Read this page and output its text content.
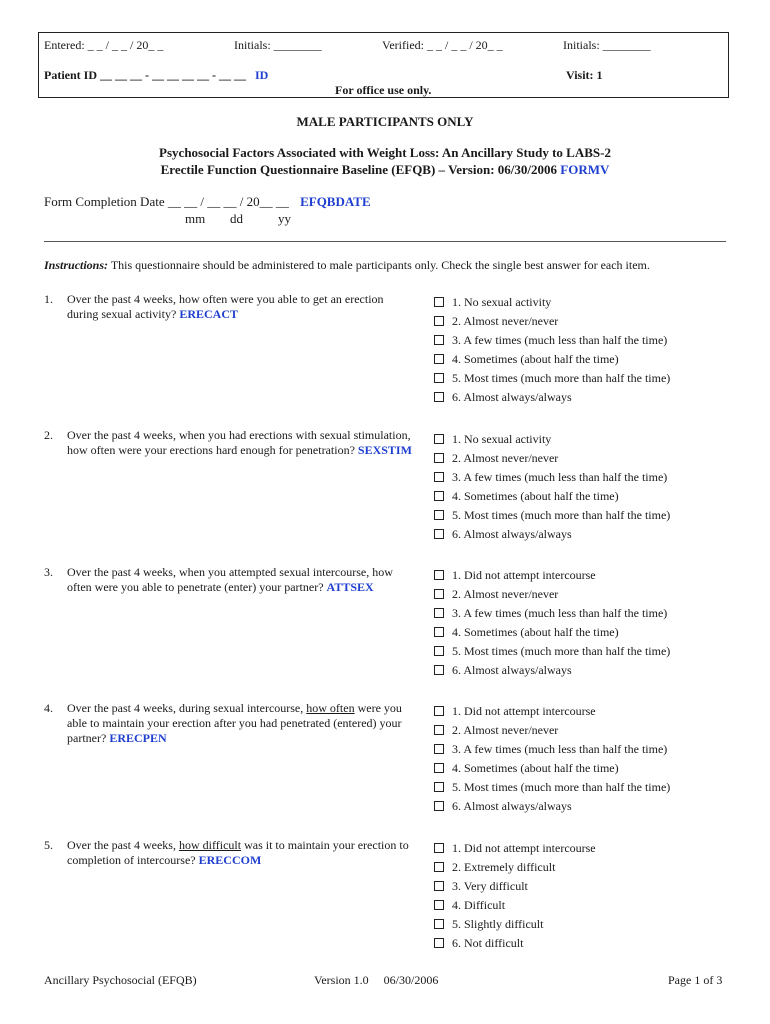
Entered: _ _ / _ _ / 20_ _	Initials: ________	Verified: _ _ / _ _ / 20_ _	Initials: ________
Patient ID __ __ __ - __ __ __ __ - __ __ ID	Visit: 1
For office use only.
MALE PARTICIPANTS ONLY
Psychosocial Factors Associated with Weight Loss: An Ancillary Study to LABS-2
Erectile Function Questionnaire Baseline (EFQB) – Version: 06/30/2006 FORMV
Form Completion Date __ __ / __ __ / 20__ __ EFQBDATE
mm dd	yy
Instructions: This questionnaire should be administered to male participants only. Check the single best answer for each item.
1. Over the past 4 weeks, how often were you able to get an erection during sexual activity? ERECACT
1. No sexual activity
2. Almost never/never
3. A few times (much less than half the time)
4. Sometimes (about half the time)
5. Most times (much more than half the time)
6. Almost always/always
2. Over the past 4 weeks, when you had erections with sexual stimulation, how often were your erections hard enough for penetration? SEXSTIM
1. No sexual activity
2. Almost never/never
3. A few times (much less than half the time)
4. Sometimes (about half the time)
5. Most times (much more than half the time)
6. Almost always/always
3. Over the past 4 weeks, when you attempted sexual intercourse, how often were you able to penetrate (enter) your partner? ATTSEX
1. Did not attempt intercourse
2. Almost never/never
3. A few times (much less than half the time)
4. Sometimes (about half the time)
5. Most times (much more than half the time)
6. Almost always/always
4. Over the past 4 weeks, during sexual intercourse, how often were you able to maintain your erection after you had penetrated (entered) your partner? ERECPEN
1. Did not attempt intercourse
2. Almost never/never
3. A few times (much less than half the time)
4. Sometimes (about half the time)
5. Most times (much more than half the time)
6. Almost always/always
5. Over the past 4 weeks, how difficult was it to maintain your erection to completion of intercourse? ERECCOM
1. Did not attempt intercourse
2. Extremely difficult
3. Very difficult
4. Difficult
5. Slightly difficult
6. Not difficult
Ancillary Psychosocial (EFQB)	Version 1.0     06/30/2006	Page 1 of 3
